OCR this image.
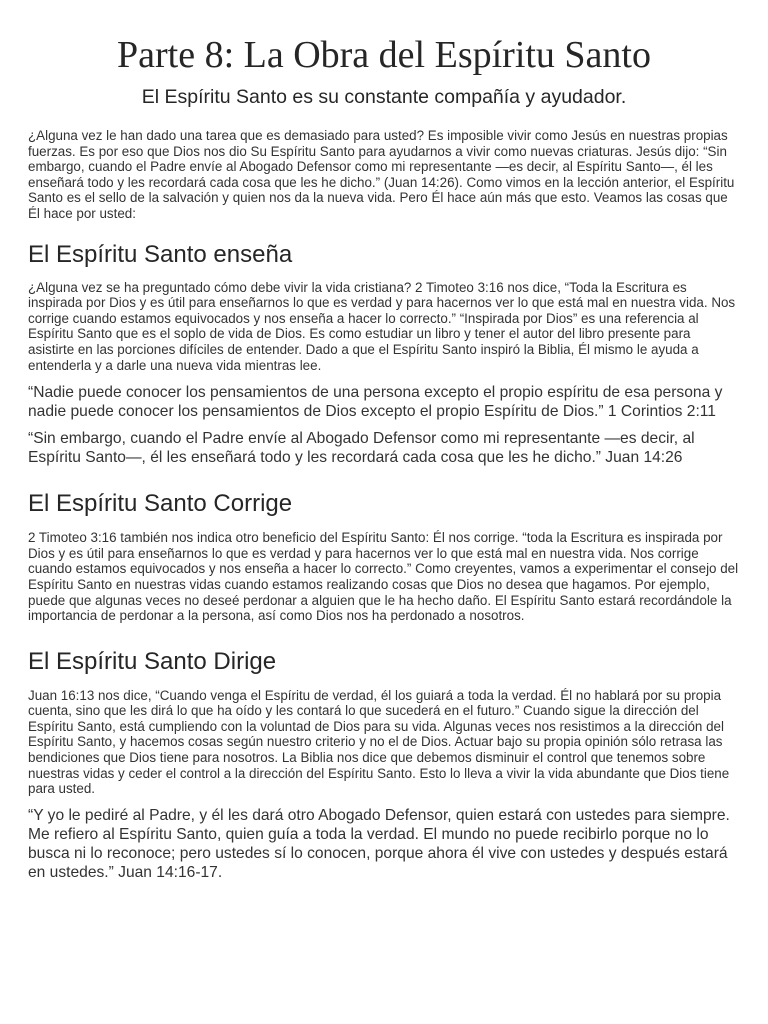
Parte 8: La Obra del Espíritu Santo
El Espíritu Santo es su constante compañía y ayudador.

¿Alguna vez le han dado una tarea que es demasiado para usted? Es imposible vivir como Jesús en nuestras propias fuerzas. Es por eso que Dios nos dio Su Espíritu Santo para ayudarnos a vivir como nuevas criaturas. Jesús dijo: “Sin embargo, cuando el Padre envíe al Abogado Defensor como mi representante —es decir, al Espíritu Santo—, él les enseñará todo y les recordará cada cosa que les he dicho.” (Juan 14:26). Como vimos en la lección anterior, el Espíritu Santo es el sello de la salvación y quien nos da la nueva vida. Pero Él hace aún más que esto. Veamos las cosas que Él hace por usted:

El Espíritu Santo enseña

¿Alguna vez se ha preguntado cómo debe vivir la vida cristiana? 2 Timoteo 3:16 nos dice, “Toda la Escritura es inspirada por Dios y es útil para enseñarnos lo que es verdad y para hacernos ver lo que está mal en nuestra vida. Nos corrige cuando estamos equivocados y nos enseña a hacer lo correcto.” “Inspirada por Dios” es una referencia al Espíritu Santo que es el soplo de vida de Dios. Es como estudiar un libro y tener el autor del libro presente para asistirte en las porciones difíciles de entender. Dado a que el Espíritu Santo inspiró la Biblia, Él mismo le ayuda a entenderla y a darle una nueva vida mientras lee.

“Nadie puede conocer los pensamientos de una persona excepto el propio espíritu de esa persona y nadie puede conocer los pensamientos de Dios excepto el propio Espíritu de Dios.” 1 Corintios 2:11

“Sin embargo, cuando el Padre envíe al Abogado Defensor como mi representante —es decir, al Espíritu Santo—, él les enseñará todo y les recordará cada cosa que les he dicho.” Juan 14:26

El Espíritu Santo Corrige

2 Timoteo 3:16 también nos indica otro beneficio del Espíritu Santo: Él nos corrige. “toda la Escritura es inspirada por Dios y es útil para enseñarnos lo que es verdad y para hacernos ver lo que está mal en nuestra vida. Nos corrige cuando estamos equivocados y nos enseña a hacer lo correcto.” Como creyentes, vamos a experimentar el consejo del Espíritu Santo en nuestras vidas cuando estamos realizando cosas que Dios no desea que hagamos. Por ejemplo, puede que algunas veces no deseé perdonar a alguien que le ha hecho daño. El Espíritu Santo estará recordándole la importancia de perdonar a la persona, así como Dios nos ha perdonado a nosotros.

El Espíritu Santo Dirige

Juan 16:13 nos dice, “Cuando venga el Espíritu de verdad, él los guiará a toda la verdad. Él no hablará por su propia cuenta, sino que les dirá lo que ha oído y les contará lo que sucederá en el futuro.” Cuando sigue la dirección del Espíritu Santo, está cumpliendo con la voluntad de Dios para su vida. Algunas veces nos resistimos a la dirección del Espíritu Santo, y hacemos cosas según nuestro criterio y no el de Dios. Actuar bajo su propia opinión sólo retrasa las bendiciones que Dios tiene para nosotros. La Biblia nos dice que debemos disminuir el control que tenemos sobre nuestras vidas y ceder el control a la dirección del Espíritu Santo. Esto lo lleva a vivir la vida abundante que Dios tiene para usted.

“Y yo le pediré al Padre, y él les dará otro Abogado Defensor, quien estará con ustedes para siempre. Me refiero al Espíritu Santo, quien guía a toda la verdad. El mundo no puede recibirlo porque no lo busca ni lo reconoce; pero ustedes sí lo conocen, porque ahora él vive con ustedes y después estará en ustedes.” Juan 14:16-17.
